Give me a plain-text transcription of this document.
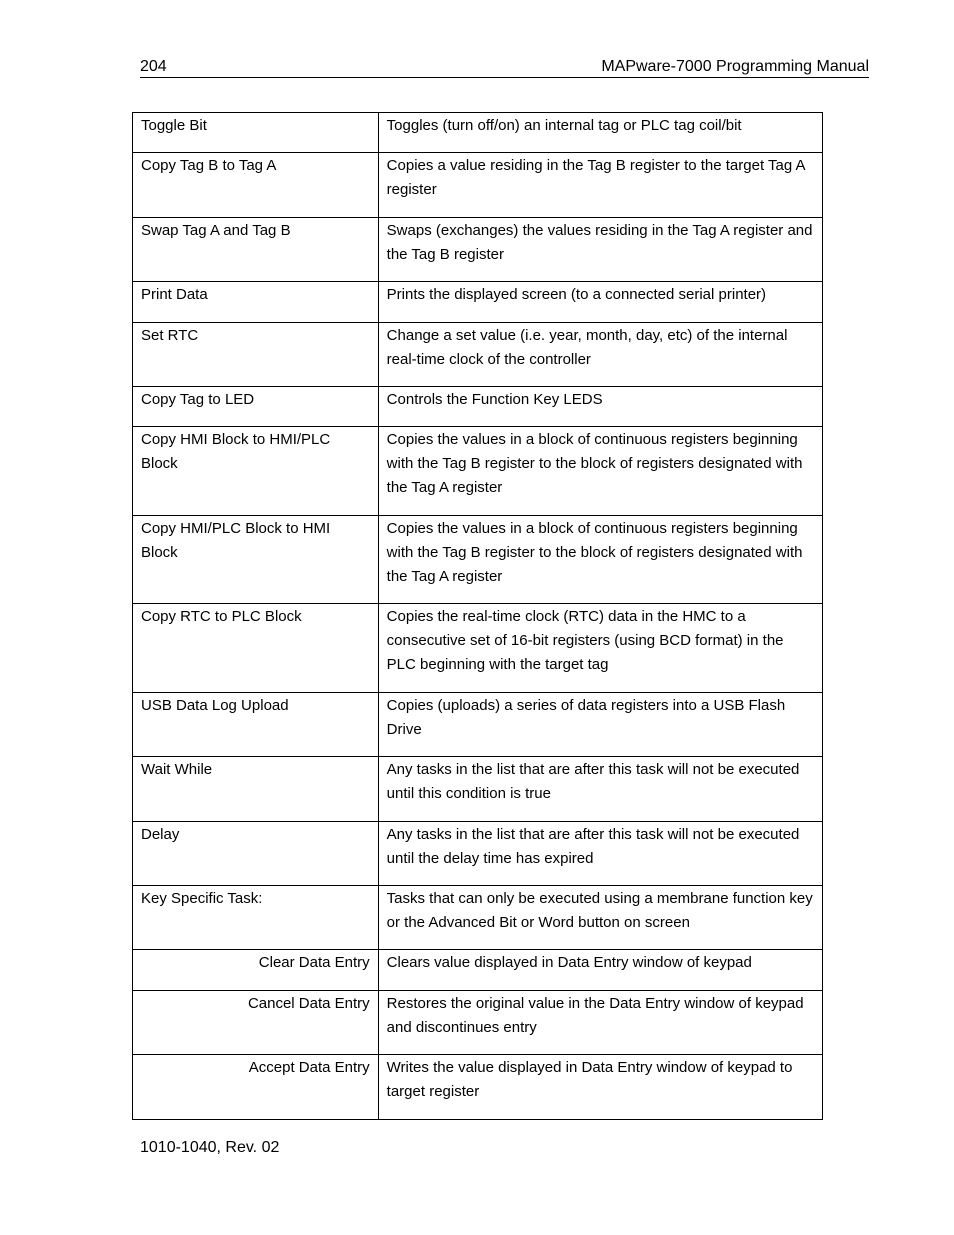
204	MAPware-7000 Programming Manual
Toggle Bit	Toggles (turn off/on) an internal tag or PLC tag coil/bit
Copy Tag B to Tag A	Copies a value residing in the Tag B register to the target Tag A register
Swap Tag A and Tag B	Swaps (exchanges) the values residing in the Tag A register and the Tag B register
Print Data	Prints the displayed screen (to a connected serial printer)
Set RTC	Change a set value (i.e. year, month, day, etc) of the internal real-time clock of the controller
Copy Tag to LED	Controls the Function Key LEDS
Copy HMI Block to HMI/PLC Block	Copies the values in a block of continuous registers beginning with the Tag B register to the block of registers designated with the Tag A register
Copy HMI/PLC Block to HMI Block	Copies the values in a block of continuous registers beginning with the Tag B register to the block of registers designated with the Tag A register
Copy RTC to PLC Block	Copies the real-time clock (RTC) data in the HMC to a consecutive set of 16-bit registers (using BCD format) in the PLC beginning with the target tag
USB Data Log Upload	Copies (uploads) a series of data registers into a USB Flash Drive
Wait While	Any tasks in the list that are after this task will not be executed until this condition is true
Delay	Any tasks in the list that are after this task will not be executed until the delay time has expired
Key Specific Task:	Tasks that can only be executed using a membrane function key or the Advanced Bit or Word button on screen
Clear Data Entry	Clears value displayed in Data Entry window of keypad
Cancel Data Entry	Restores the original value in the Data Entry window of keypad and discontinues entry
Accept Data Entry	Writes the value displayed in Data Entry window of keypad to target register
1010-1040, Rev. 02
